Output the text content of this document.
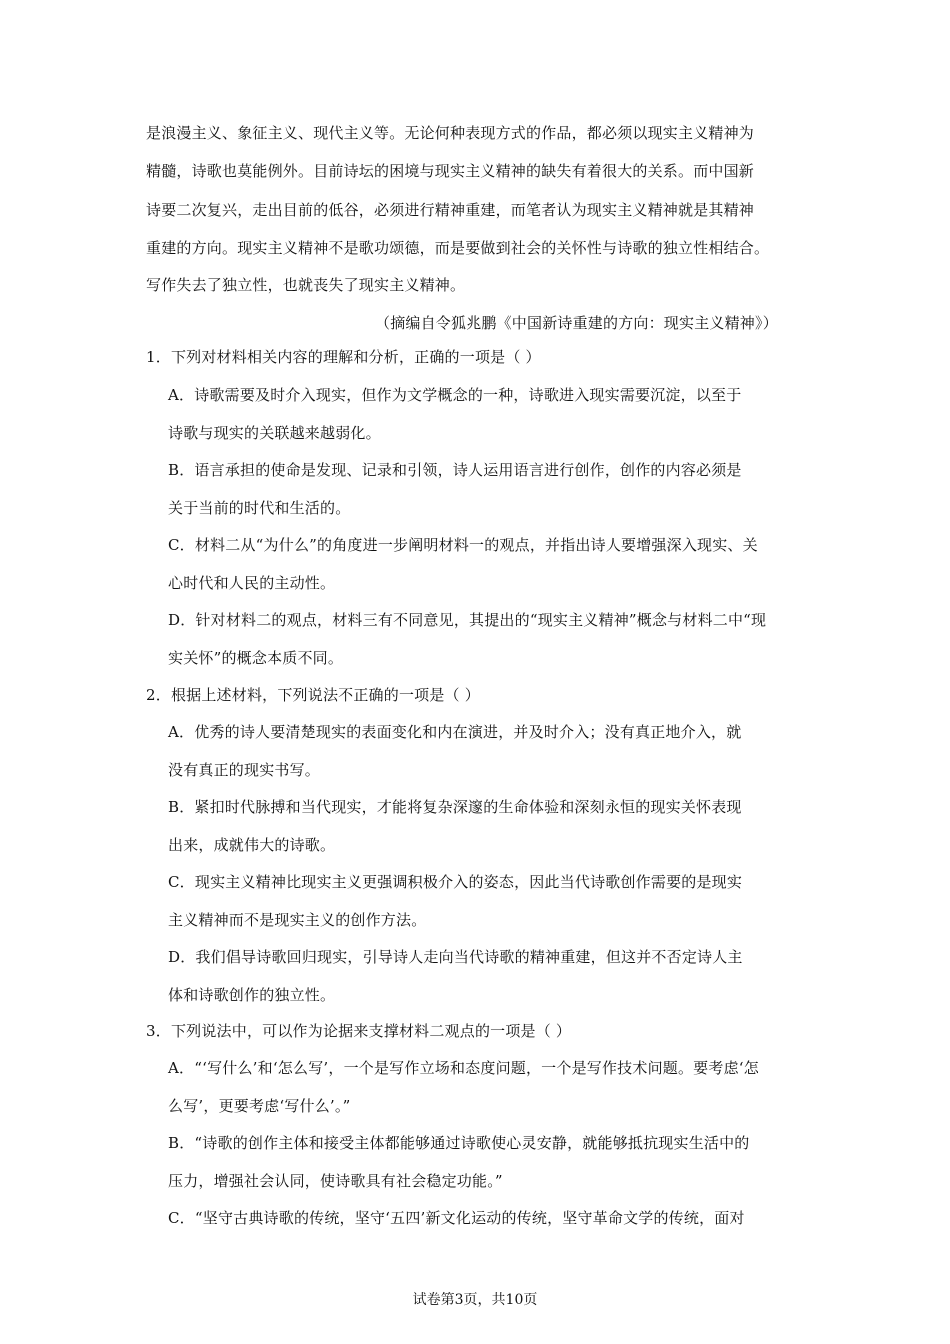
是浪漫主义、象征主义、现代主义等。无论何种表现方式的作品，都必须以现实主义精神为
精髓，诗歌也莫能例外。目前诗坛的困境与现实主义精神的缺失有着很大的关系。而中国新
诗要二次复兴，走出目前的低谷，必须进行精神重建，而笔者认为现实主义精神就是其精神
重建的方向。现实主义精神不是歌功颂德，而是要做到社会的关怀性与诗歌的独立性相结合。
写作失去了独立性，也就丧失了现实主义精神。
（摘编自令狐兆鹏《中国新诗重建的方向：现实主义精神》）
1．下列对材料相关内容的理解和分析，正确的一项是（ ）
A．诗歌需要及时介入现实，但作为文学概念的一种，诗歌进入现实需要沉淀，以至于
诗歌与现实的关联越来越弱化。
B．语言承担的使命是发现、记录和引领，诗人运用语言进行创作，创作的内容必须是
关于当前的时代和生活的。
C．材料二从“为什么”的角度进一步阐明材料一的观点，并指出诗人要增强深入现实、关
心时代和人民的主动性。
D．针对材料二的观点，材料三有不同意见，其提出的“现实主义精神”概念与材料二中“现
实关怀”的概念本质不同。
2．根据上述材料，下列说法不正确的一项是（ ）
A．优秀的诗人要清楚现实的表面变化和内在演进，并及时介入；没有真正地介入，就
没有真正的现实书写。
B．紧扣时代脉搏和当代现实，才能将复杂深邃的生命体验和深刻永恒的现实关怀表现
出来，成就伟大的诗歌。
C．现实主义精神比现实主义更强调积极介入的姿态，因此当代诗歌创作需要的是现实
主义精神而不是现实主义的创作方法。
D．我们倡导诗歌回归现实，引导诗人走向当代诗歌的精神重建，但这并不否定诗人主
体和诗歌创作的独立性。
3．下列说法中，可以作为论据来支撑材料二观点的一项是（ ）
A．“‘写什么’和‘怎么写’，一个是写作立场和态度问题，一个是写作技术问题。要考虑‘怎
么写’，更要考虑‘写什么’。”
B．“诗歌的创作主体和接受主体都能够通过诗歌使心灵安静，就能够抵抗现实生活中的
压力，增强社会认同，使诗歌具有社会稳定功能。”
C．“坚守古典诗歌的传统，坚守‘五四’新文化运动的传统，坚守革命文学的传统，面对
试卷第3页，共10页
